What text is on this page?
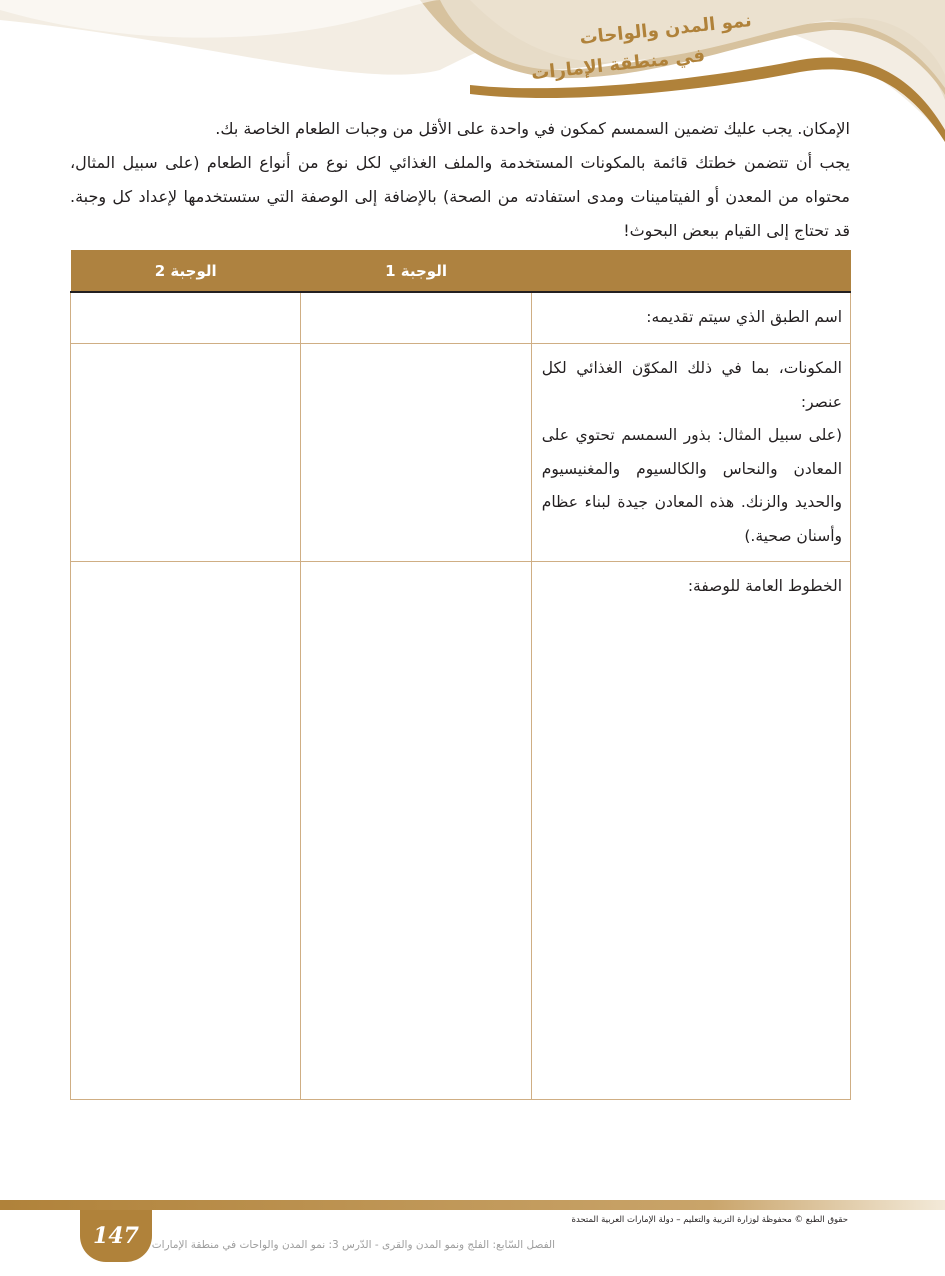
نمو المدن والواحات
في منطقة الإمارات

الإمكان. يجب عليك تضمين السمسم كمكون في واحدة على الأقل من وجبات الطعام الخاصة بك.

يجب أن تتضمن خطتك قائمة بالمكونات المستخدمة والملف الغذائي لكل نوع من أنواع الطعام (على سبيل المثال، محتواه من المعدن أو الفيتامينات ومدى استفادته من الصحة) بالإضافة إلى الوصفة التي ستستخدمها لإعداد كل وجبة. قد تحتاج إلى القيام ببعض البحوث!

	الوجبة 1	الوجبة 2
اسم الطبق الذي سيتم تقديمه:		
المكونات، بما في ذلك المكوّن الغذائي لكل عنصر:
(على سبيل المثال: بذور السمسم تحتوي على المعادن والنحاس والكالسيوم والمغنيسيوم والحديد والزنك. هذه المعادن جيدة لبناء عظام وأسنان صحية.)		
الخطوط العامة للوصفة:		
147
حقوق الطبع © محفوظة لوزارة التربية والتعليم – دولة الإمارات العربية المتحدة
الفصل السّابع: الفلج ونمو المدن والقرى - الدّرس 3: نمو المدن والواحات في منطقة الإمارات
